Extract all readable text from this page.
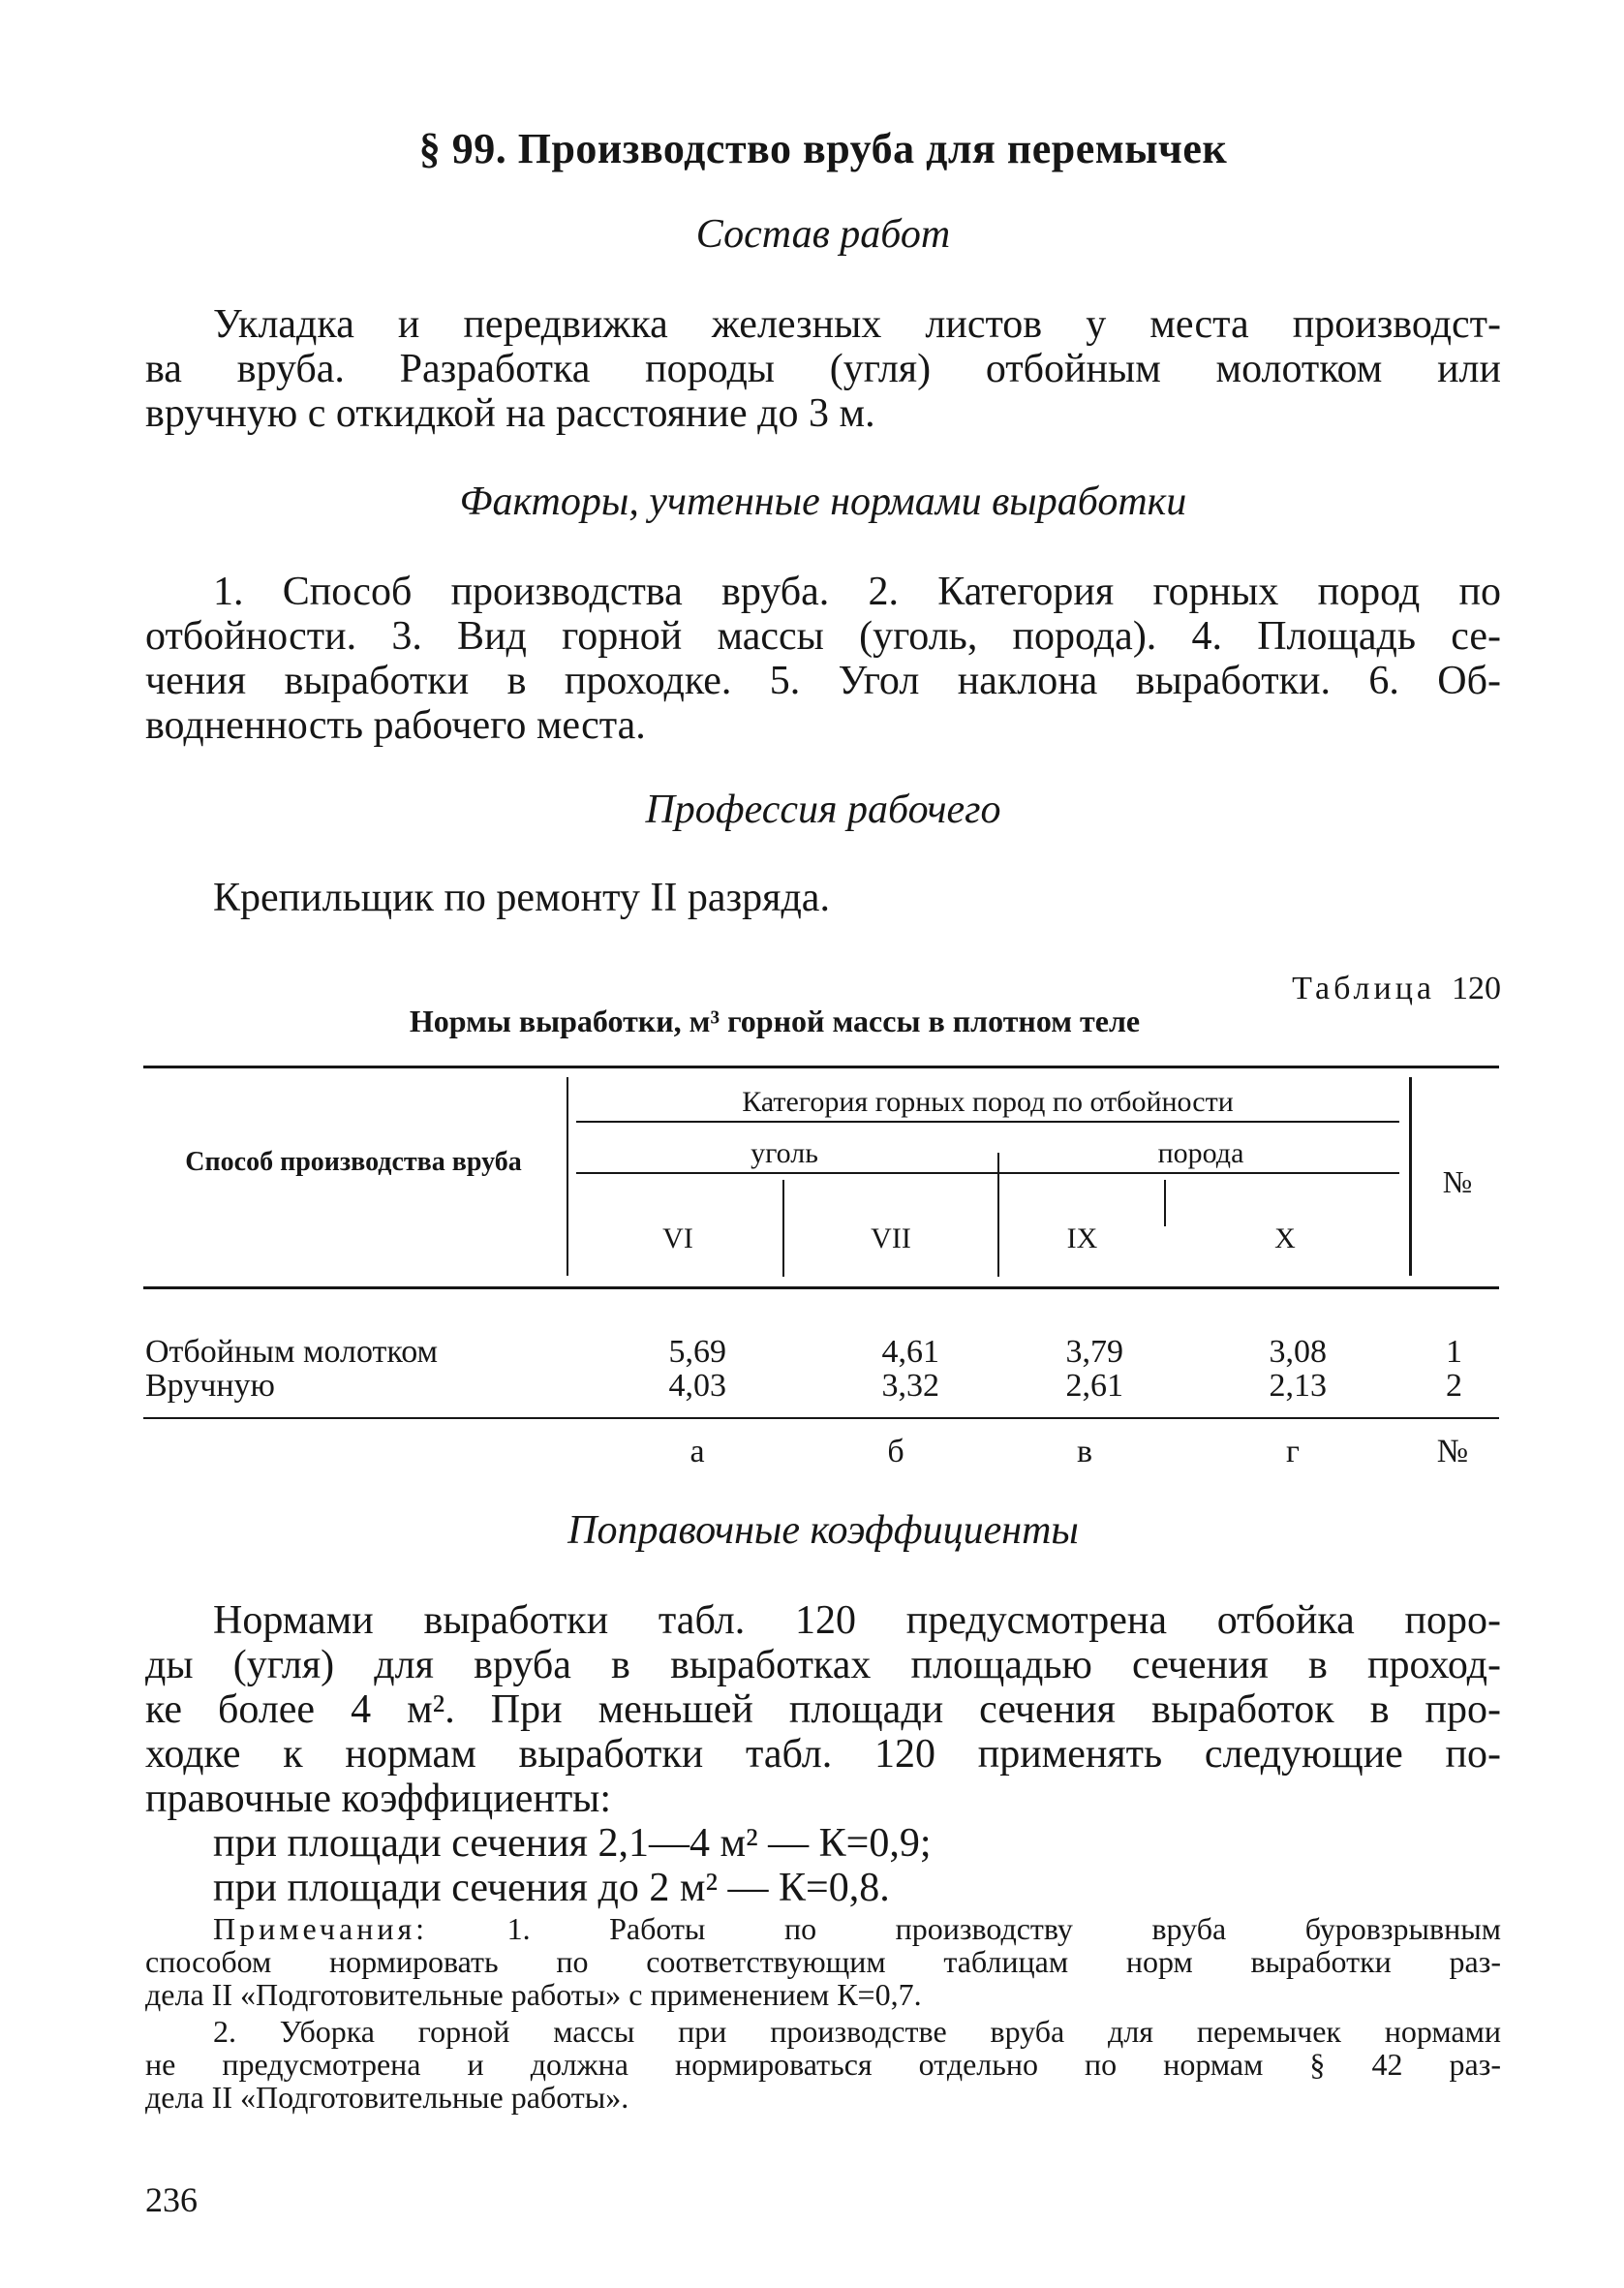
§ 99. Производство вруба для перемычек
Состав работ
Укладка и передвижка железных листов у места производст-
ва вруба. Разработка породы (угля) отбойным молотком или
вручную с откидкой на расстояние до 3 м.
Факторы, учтенные нормами выработки
1. Способ производства вруба. 2. Категория горных пород по
отбойности. 3. Вид горной массы (уголь, порода). 4. Площадь се-
чения выработки в проходке. 5. Угол наклона выработки. 6. Об-
водненность рабочего места.
Профессия рабочего
Крепильщик по ремонту II разряда.
Таблица 120
Нормы выработки, м³ горной массы в плотном теле
Способ производства вруба
Категория горных пород по отбойности
уголь	порода
№
VI	VII	IX	X
Отбойным молотком	5,69	4,61	3,79	3,08	1
Вручную	4,03	3,32	2,61	2,13	2
а	б	в	г	№
Поправочные коэффициенты
Нормами выработки табл. 120 предусмотрена отбойка поро-
ды (угля) для вруба в выработках площадью сечения в проход-
ке более 4 м². При меньшей площади сечения выработок в про-
ходке к нормам выработки табл. 120 применять следующие по-
правочные коэффициенты:
при площади сечения 2,1—4 м² — К=0,9;
при площади сечения до 2 м² — К=0,8.
Примечания:	1. Работы по производству вруба буровзрывным
способом нормировать по соответствующим таблицам норм выработки раз-
дела II «Подготовительные работы» с применением К=0,7.
2. Уборка горной массы при производстве вруба для перемычек нормами
не предусмотрена и должна нормироваться отдельно по нормам § 42 раз-
дела II «Подготовительные работы».
236
